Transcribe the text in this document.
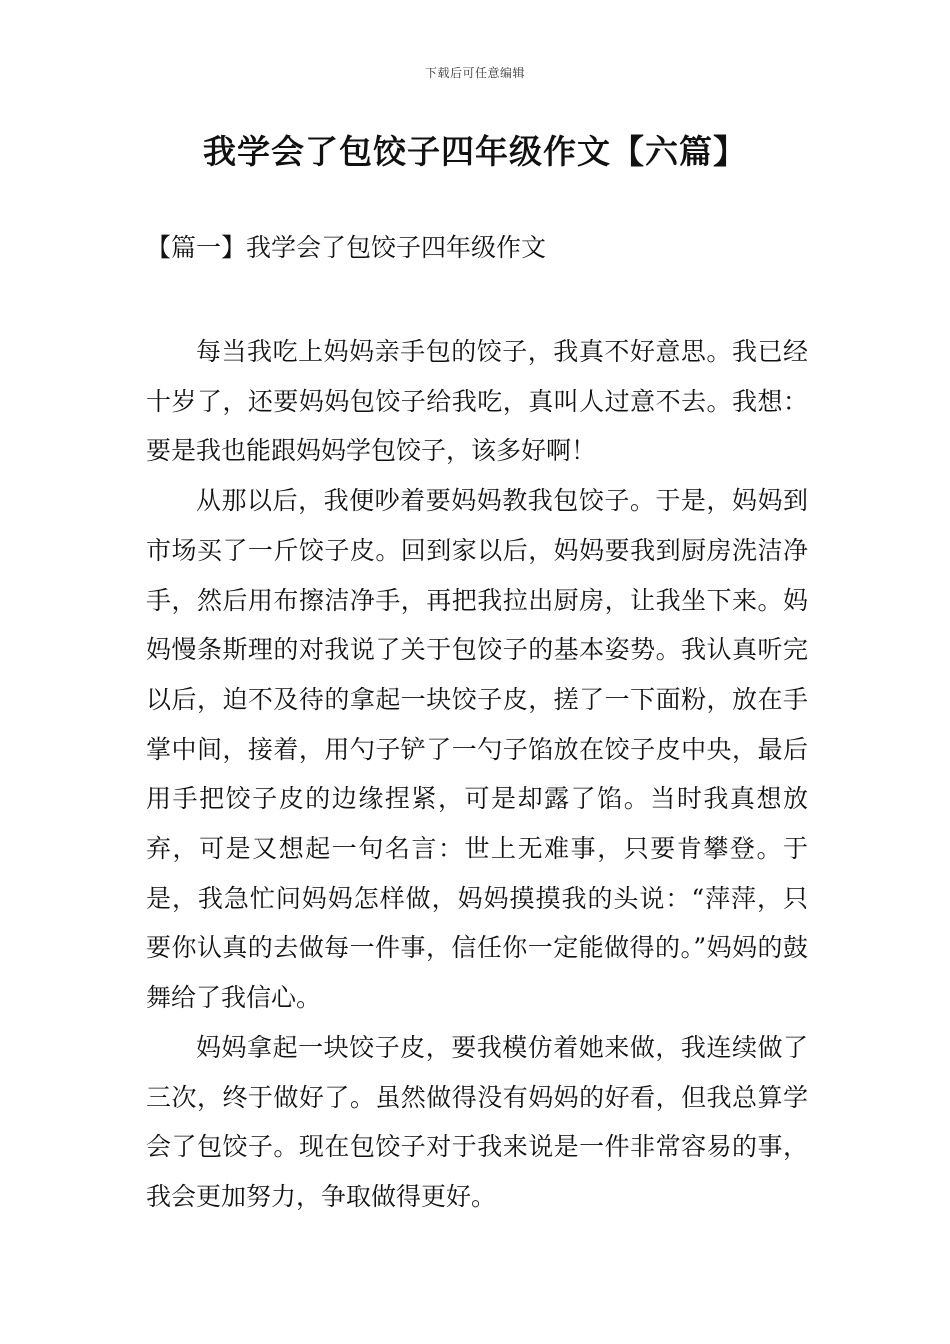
下载后可任意编辑
我学会了包饺子四年级作文【六篇】
【篇一】我学会了包饺子四年级作文

每当我吃上妈妈亲手包的饺子，我真不好意思。我已经十岁了，还要妈妈包饺子给我吃，真叫人过意不去。我想：要是我也能跟妈妈学包饺子，该多好啊！

从那以后，我便吵着要妈妈教我包饺子。于是，妈妈到市场买了一斤饺子皮。回到家以后，妈妈要我到厨房洗洁净手，然后用布擦洁净手，再把我拉出厨房，让我坐下来。妈妈慢条斯理的对我说了关于包饺子的基本姿势。我认真听完以后，迫不及待的拿起一块饺子皮，搓了一下面粉，放在手掌中间，接着，用勺子铲了一勺子馅放在饺子皮中央，最后用手把饺子皮的边缘捏紧，可是却露了馅。当时我真想放弃，可是又想起一句名言：世上无难事，只要肯攀登。于是，我急忙问妈妈怎样做，妈妈摸摸我的头说：“萍萍，只要你认真的去做每一件事，信任你一定能做得的。”妈妈的鼓舞给了我信心。

妈妈拿起一块饺子皮，要我模仿着她来做，我连续做了三次，终于做好了。虽然做得没有妈妈的好看，但我总算学会了包饺子。现在包饺子对于我来说是一件非常容易的事，我会更加努力，争取做得更好。
